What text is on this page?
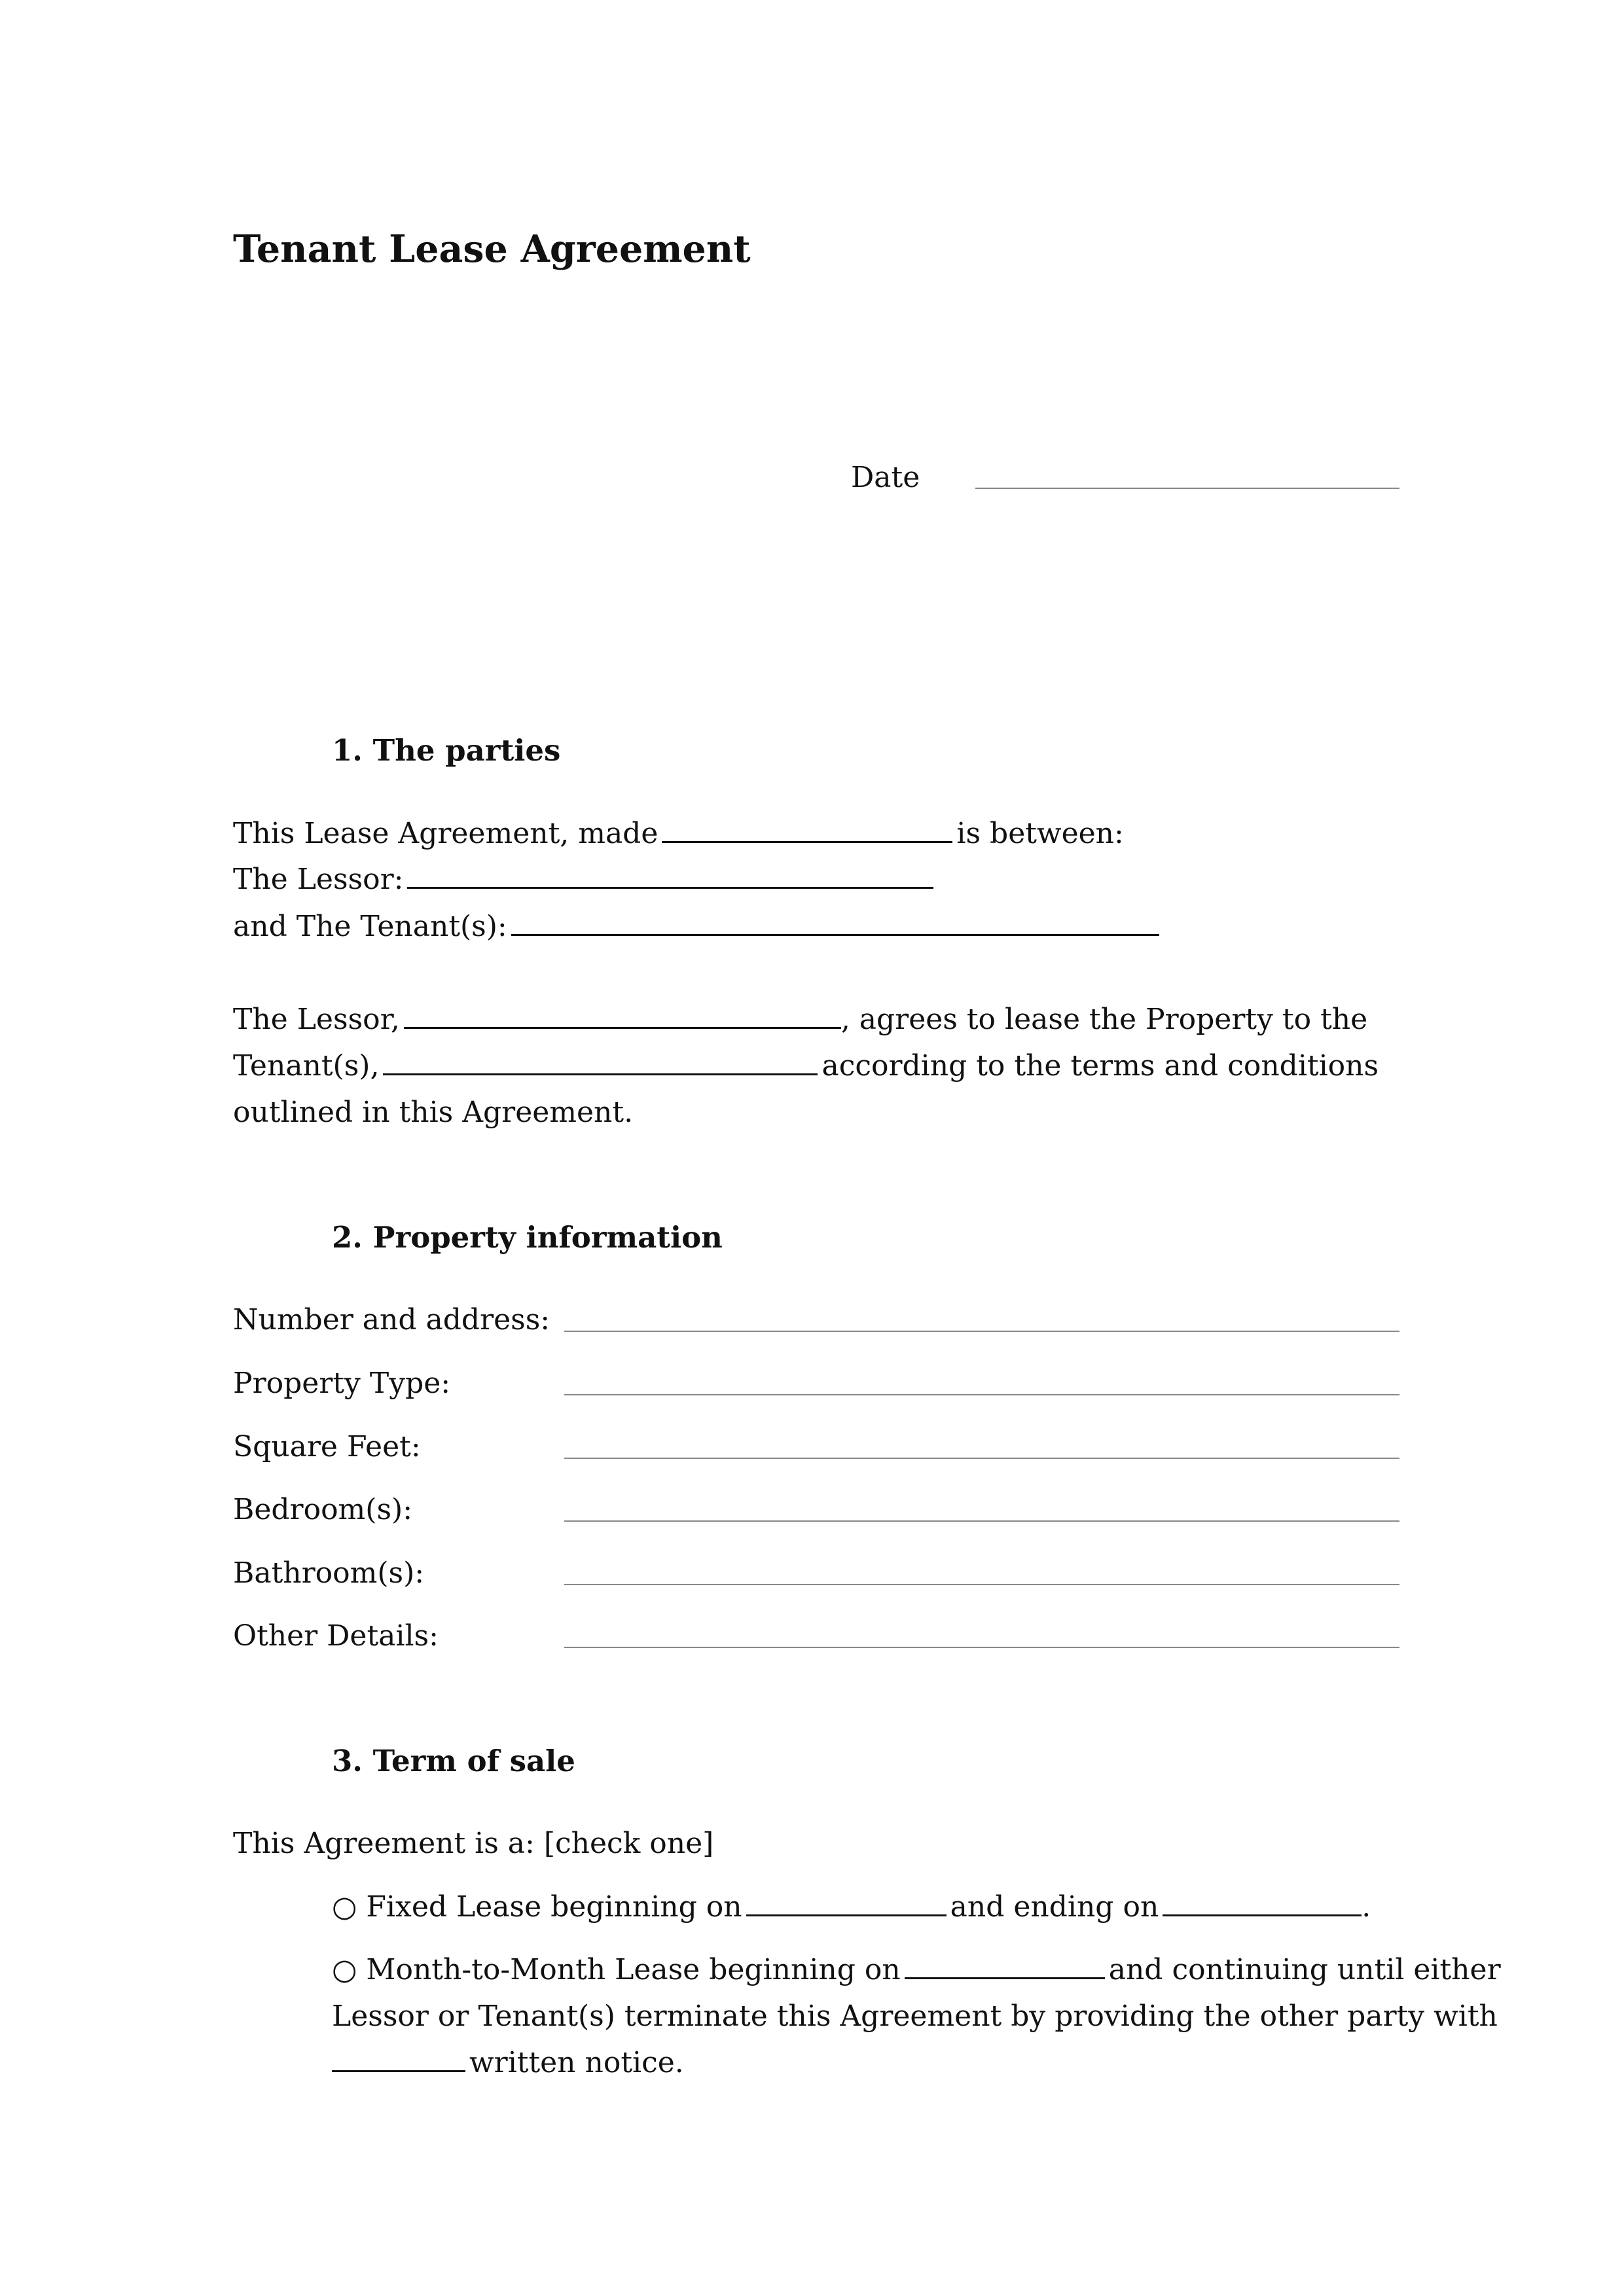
Tenant Lease Agreement
Date
1. The parties
This Lease Agreement, made	is between:
The Lessor:
and The Tenant(s):
The Lessor,	, agrees to lease the Property to the
Tenant(s),	according to the terms and conditions
outlined in this Agreement.
2. Property information
Number and address:
Property Type:
Square Feet:
Bedroom(s):
Bathroom(s):
Other Details:
3. Term of sale
This Agreement is a: [check one]
○ Fixed Lease beginning on	and ending on	.
○ Month-to-Month Lease beginning on	and continuing until either
Lessor or Tenant(s) terminate this Agreement by providing the other party with
written notice.
